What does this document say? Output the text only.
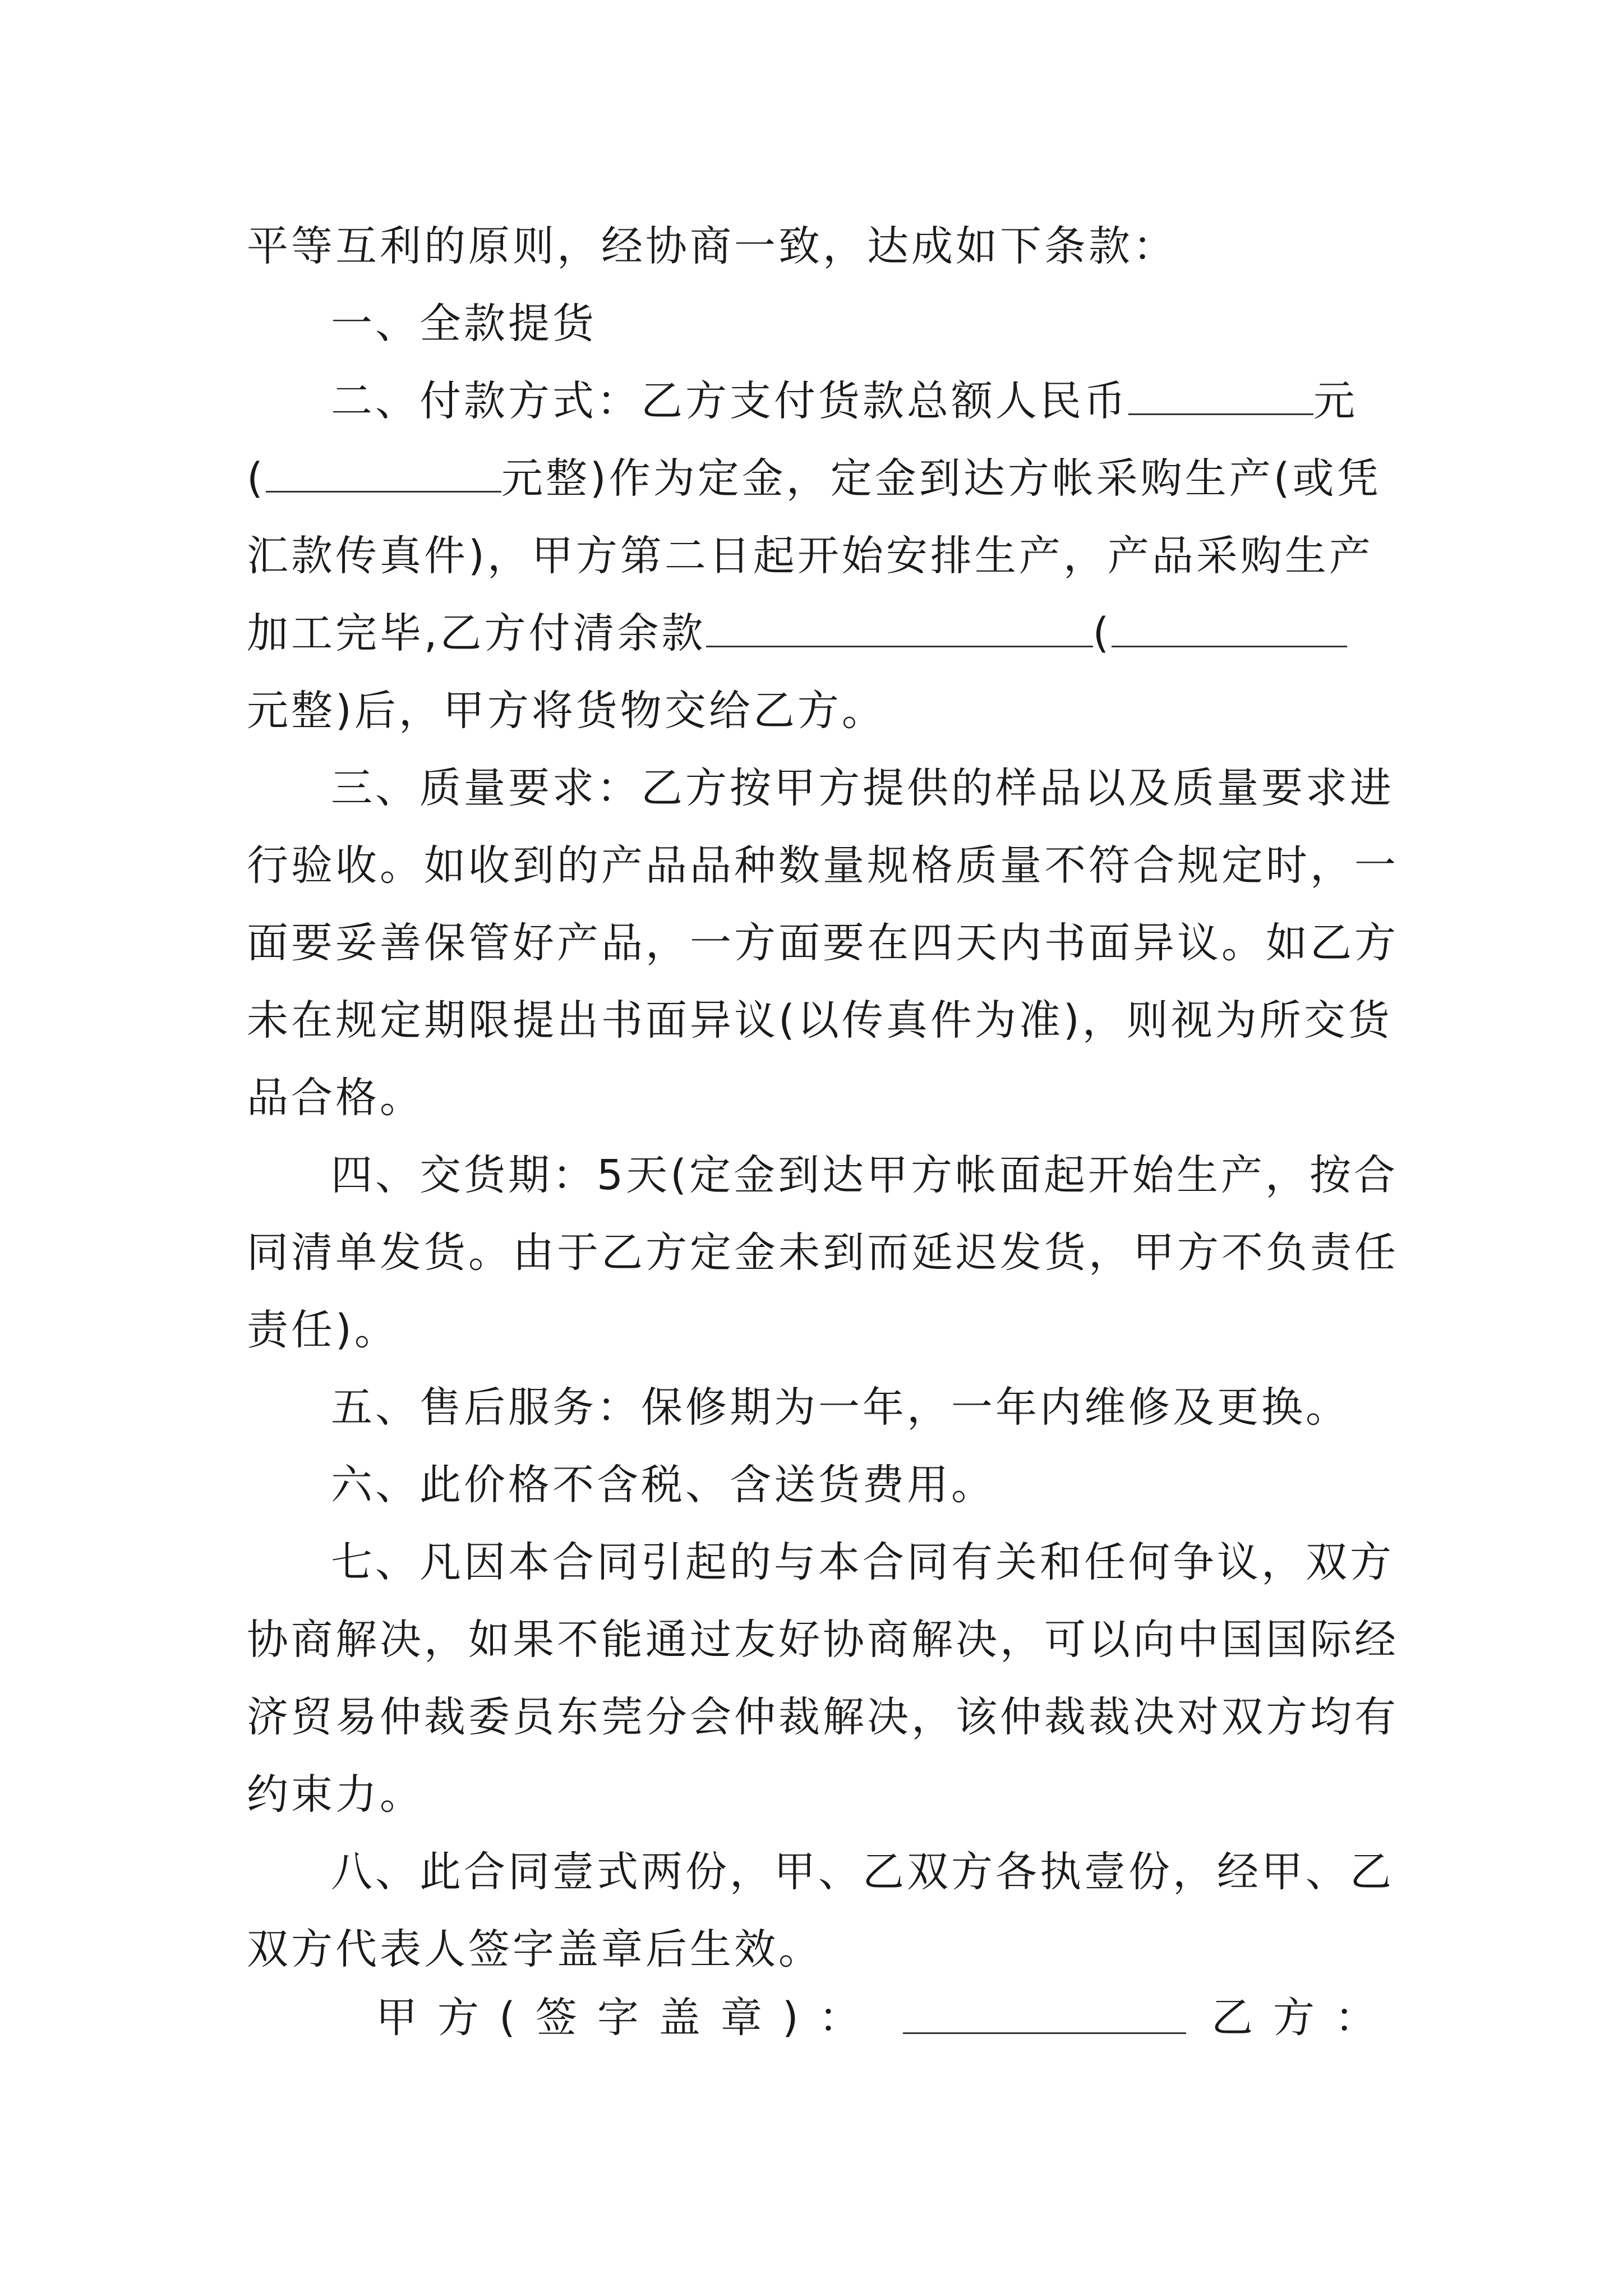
平等互利的原则，经协商一致，达成如下条款：
一、全款提货
二、付款方式：乙方支付货款总额人民币	元
(	元整)作为定金，定金到达方帐采购生产(或凭
汇款传真件)，甲方第二日起开始安排生产，产品采购生产
加工完毕,乙方付清余款	(
元整)后，甲方将货物交给乙方。
三、质量要求：乙方按甲方提供的样品以及质量要求进
行验收。如收到的产品品种数量规格质量不符合规定时，一
面要妥善保管好产品，一方面要在四天内书面异议。如乙方
未在规定期限提出书面异议(以传真件为准)，则视为所交货
品合格。
四、交货期：5天(定金到达甲方帐面起开始生产，按合
同清单发货。由于乙方定金未到而延迟发货，甲方不负责任
责任)。
五、售后服务：保修期为一年，一年内维修及更换。
六、此价格不含税、含送货费用。
七、凡因本合同引起的与本合同有关和任何争议，双方
协商解决，如果不能通过友好协商解决，可以向中国国际经
济贸易仲裁委员东莞分会仲裁解决，该仲裁裁决对双方均有
约束力。
八、此合同壹式两份，甲、乙双方各执壹份，经甲、乙
双方代表人签字盖章后生效。
甲方(签字盖章)：	乙方：
